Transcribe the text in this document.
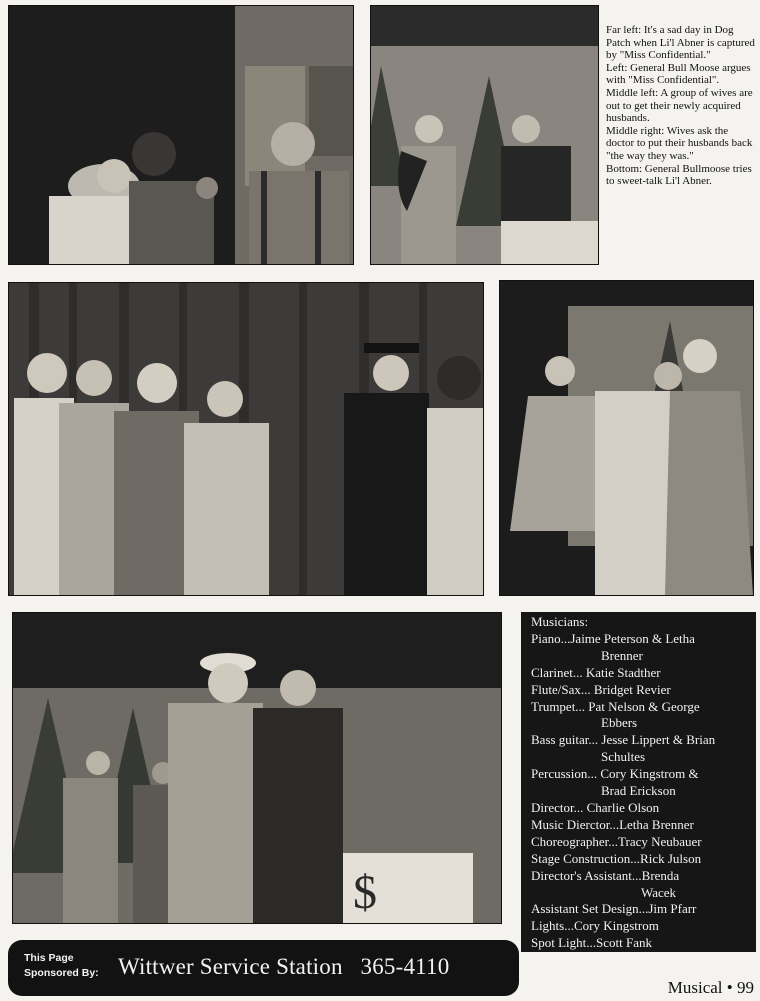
Far left: It's a sad day in Dog Patch when Li'l Abner is captured by "Miss Confidential."

Left: General Bull Moose argues with "Miss Confidential".

Middle left: A group of wives are out to get their newly acquired husbands.

Middle right: Wives ask the doctor to put their husbands back "the way they was."

Bottom: General Bullmoose tries to sweet-talk Li'l Abner.

$
Musicians:
Piano...Jaime Peterson & Letha
Brenner
Clarinet... Katie Stadther
Flute/Sax... Bridget Revier
Trumpet... Pat Nelson & George
Ebbers
Bass guitar... Jesse Lippert & Brian
Schultes
Percussion... Cory Kingstrom &
Brad Erickson
Director... Charlie Olson
Music Dierctor...Letha Brenner
Choreographer...Tracy Neubauer
Stage Construction...Rick Julson
Director's Assistant...Brenda
Wacek
Assistant Set Design...Jim Pfarr
Lights...Cory Kingstrom
Spot Light...Scott Fank
This Page
Sponsored By: Wittwer Service Station   365-4110
Musical • 99
